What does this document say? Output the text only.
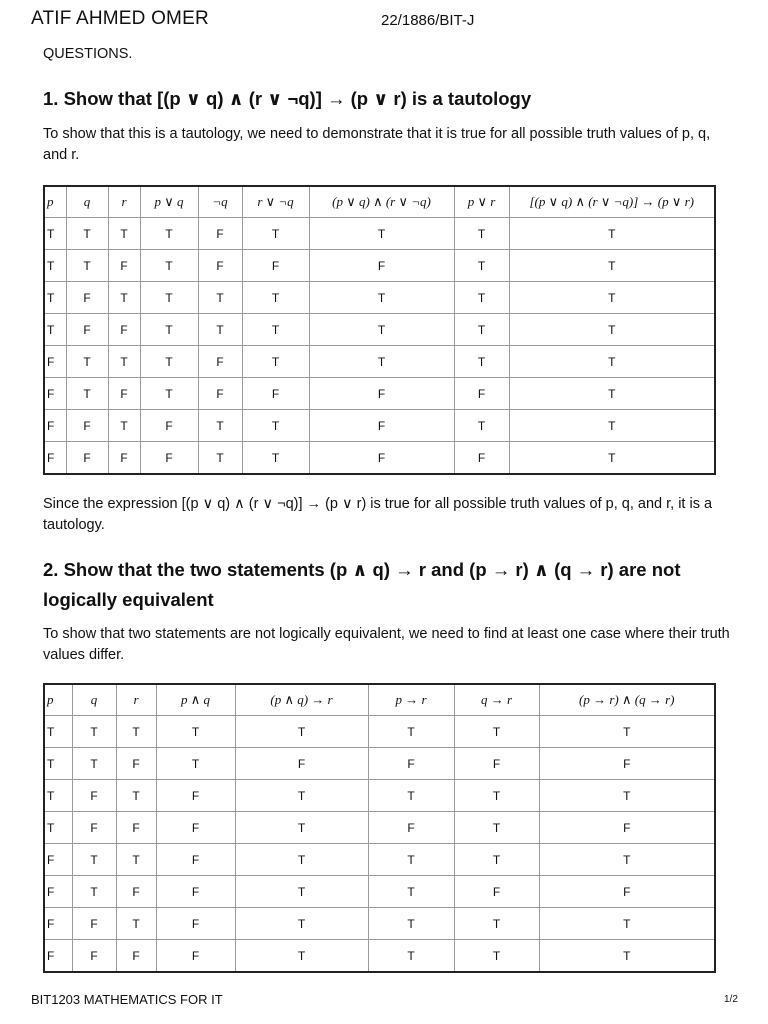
ATIF AHMED OMER	22/1886/BIT-J
QUESTIONS.
1. Show that [(p ∨ q) ∧ (r ∨ ¬q)] → (p ∨ r) is a tautology
To show that this is a tautology, we need to demonstrate that it is true for all possible truth values of p, q, and r.
p	q	r	p ∨ q	¬q	r ∨ ¬q	(p ∨ q) ∧ (r ∨ ¬q)	p ∨ r	[(p ∨ q) ∧ (r ∨ ¬q)] → (p ∨ r)
T	T	T	T	F	T	T	T	T
T	T	F	T	F	F	F	T	T
T	F	T	T	T	T	T	T	T
T	F	F	T	T	T	T	T	T
F	T	T	T	F	T	T	T	T
F	T	F	T	F	F	F	F	T
F	F	T	F	T	T	F	T	T
F	F	F	F	T	T	F	F	T
Since the expression [(p ∨ q) ∧ (r ∨ ¬q)] → (p ∨ r) is true for all possible truth values of p, q, and r, it is a tautology.
2. Show that the two statements (p ∧ q) → r and (p → r) ∧ (q → r) are not logically equivalent
To show that two statements are not logically equivalent, we need to find at least one case where their truth values differ.
p	q	r	p ∧ q	(p ∧ q) → r	p → r	q → r	(p → r) ∧ (q → r)
T	T	T	T	T	T	T	T
T	T	F	T	F	F	F	F
T	F	T	F	T	T	T	T
T	F	F	F	T	F	T	F
F	T	T	F	T	T	T	T
F	T	F	F	T	T	F	F
F	F	T	F	T	T	T	T
F	F	F	F	T	T	T	T
BIT1203 MATHEMATICS FOR IT	1/2
